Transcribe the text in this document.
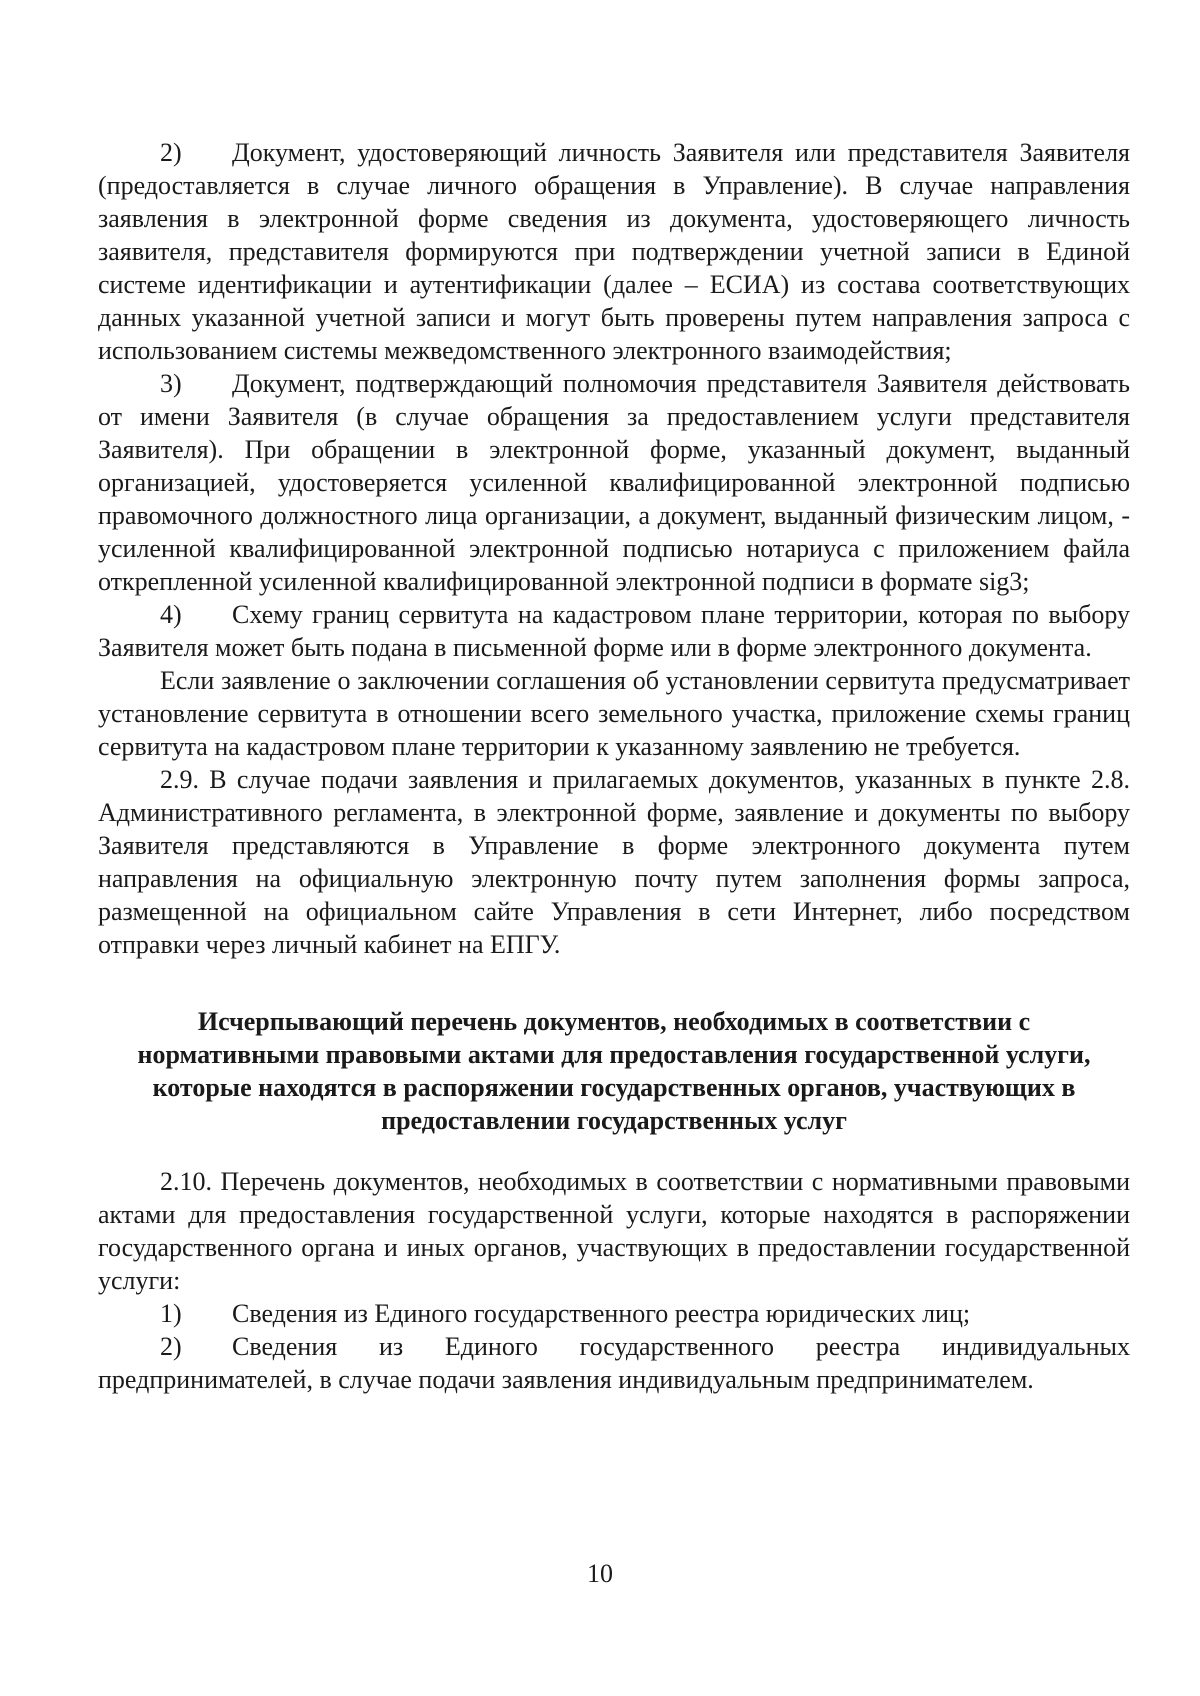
2) Документ, удостоверяющий личность Заявителя или представителя Заявителя (предоставляется в случае личного обращения в Управление). В случае направления заявления в электронной форме сведения из документа, удостоверяющего личность заявителя, представителя формируются при подтверждении учетной записи в Единой системе идентификации и аутентификации (далее – ЕСИА) из состава соответствующих данных указанной учетной записи и могут быть проверены путем направления запроса с использованием системы межведомственного электронного взаимодействия;

3) Документ, подтверждающий полномочия представителя Заявителя действовать от имени Заявителя (в случае обращения за предоставлением услуги представителя Заявителя). При обращении в электронной форме, указанный документ, выданный организацией, удостоверяется усиленной квалифицированной электронной подписью правомочного должностного лица организации, а документ, выданный физическим лицом, - усиленной квалифицированной электронной подписью нотариуса с приложением файла открепленной усиленной квалифицированной электронной подписи в формате sig3;

4) Схему границ сервитута на кадастровом плане территории, которая по выбору Заявителя может быть подана в письменной форме или в форме электронного документа.

Если заявление о заключении соглашения об установлении сервитута предусматривает установление сервитута в отношении всего земельного участка, приложение схемы границ сервитута на кадастровом плане территории к указанному заявлению не требуется.

2.9. В случае подачи заявления и прилагаемых документов, указанных в пункте 2.8. Административного регламента, в электронной форме, заявление и документы по выбору Заявителя представляются в Управление в форме электронного документа путем направления на официальную электронную почту путем заполнения формы запроса, размещенной на официальном сайте Управления в сети Интернет, либо посредством отправки через личный кабинет на ЕПГУ.

Исчерпывающий перечень документов, необходимых в соответствии с нормативными правовыми актами для предоставления государственной услуги, которые находятся в распоряжении государственных органов, участвующих в предоставлении государственных услуг

2.10. Перечень документов, необходимых в соответствии с нормативными правовыми актами для предоставления государственной услуги, которые находятся в распоряжении государственного органа и иных органов, участвующих в предоставлении государственной услуги:

1) Сведения из Единого государственного реестра юридических лиц;

2) Сведения из Единого государственного реестра индивидуальных предпринимателей, в случае подачи заявления индивидуальным предпринимателем.

10
